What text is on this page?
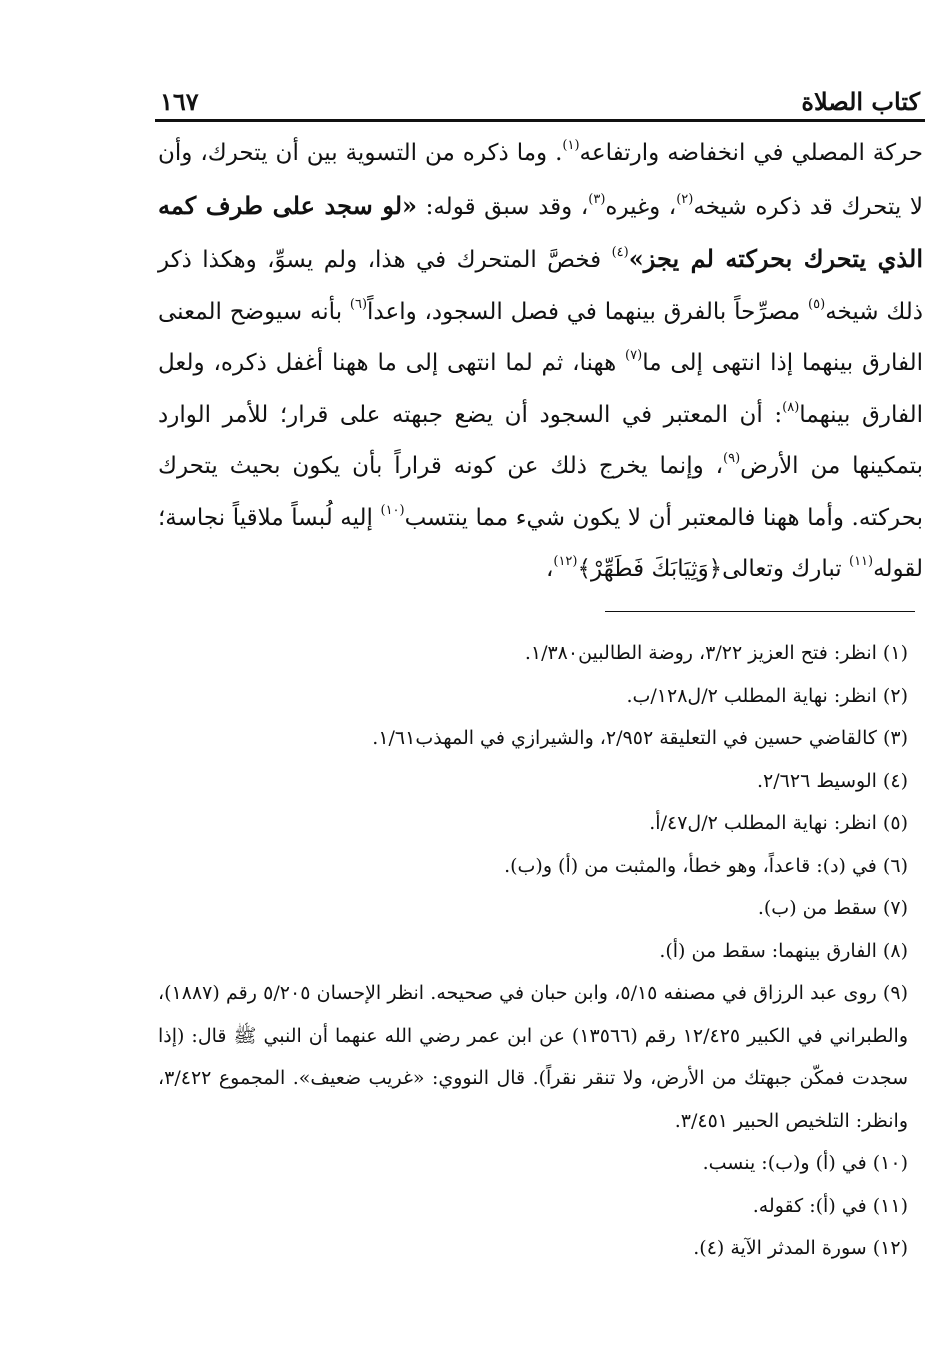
كتاب الصلاة
١٦٧

حركة المصلي في انخفاضه وارتفاعه$^{(١)}$. وما ذكره من التسوية بين أن يتحرك، وأن لا يتحرك قد ذكره شيخه$^{(٢)}$، وغيره$^{(٣)}$، وقد سبق قوله: «لو سجد على طرف كمه الذي يتحرك بحركته لم يجز»$^{(٤)}$ فخصَّ المتحرك في هذا، ولم يسوِّ، وهكذا ذكر ذلك شيخه$^{(٥)}$ مصرِّحاً بالفرق بينهما في فصل السجود، واعداً$^{(٦)}$ بأنه سيوضح المعنى الفارق بينهما إذا انتهى إلى ما$^{(٧)}$ ههنا، ثم لما انتهى إلى ما ههنا أغفل ذكره، ولعل الفارق بينهما$^{(٨)}$: أن المعتبر في السجود أن يضع جبهته على قرار؛ للأمر الوارد بتمكينها من الأرض$^{(٩)}$، وإنما يخرج ذلك عن كونه قراراً بأن يكون بحيث يتحرك بحركته. وأما ههنا فالمعتبر أن لا يكون شيء مما ينتسب$^{(١٠)}$ إليه لُبساً ملاقياً نجاسة؛ لقوله$^{(١١)}$ تبارك وتعالى﴿وَثِيَابَكَ فَطَهِّرْ﴾$^{(١٢)}$،

(١) انظر: فتح العزيز ٣/٢٢، روضة الطالبين١/٣٨٠.

(٢) انظر: نهاية المطلب ٢/ل١٢٨/ب.

(٣) كالقاضي حسين في التعليقة ٢/٩٥٢، والشيرازي في المهذب١/٦١.

(٤) الوسيط ٢/٦٢٦.

(٥) انظر: نهاية المطلب ٢/ل٤٧/أ.

(٦) في (د): قاعداً، وهو خطأ، والمثبت من (أ) و(ب).

(٧) سقط من (ب).

(٨) الفارق بينهما: سقط من (أ).

(٩) روى عبد الرزاق في مصنفه ٥/١٥، وابن حبان في صحيحه. انظر الإحسان ٥/٢٠٥ رقم (١٨٨٧)، والطبراني في الكبير ١٢/٤٢٥ رقم (١٣٥٦٦) عن ابن عمر رضي الله عنهما أن النبي ﷺ قال: (إذا سجدت فمكّن جبهتك من الأرض، ولا تنقر نقراً). قال النووي: «غريب ضعيف». المجموع ٣/٤٢٢، وانظر: التلخيص الحبير ٣/٤٥١.

(١٠) في (أ) و(ب): ينسب.

(١١) في (أ): كقوله.

(١٢) سورة المدثر الآية (٤).
